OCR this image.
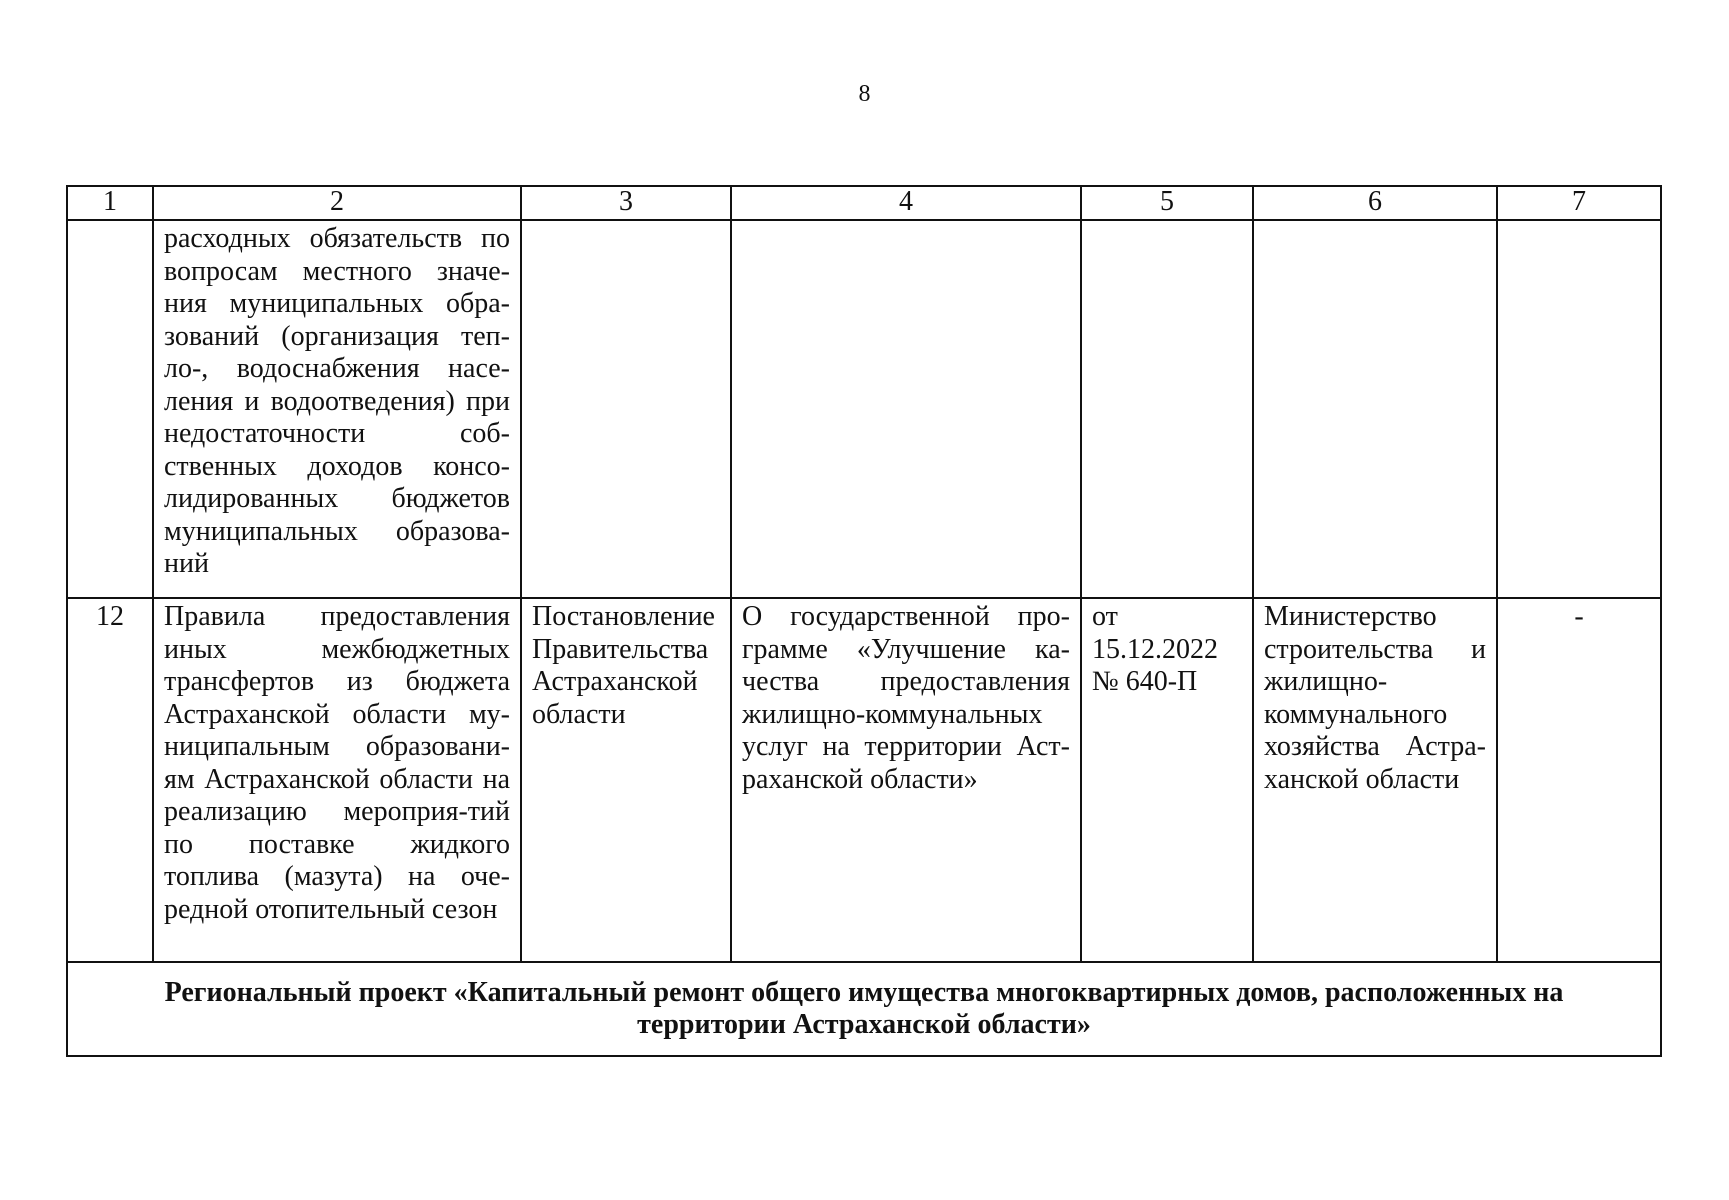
8
1	2	3	4	5	6	7
	расходных обязательств по вопросам местного значе-ния муниципальных обра-зований (организация теп-ло-, водоснабжения насе-ления и водоотведения) при недостаточности соб-ственных доходов консо-лидированных бюджетов муниципальных образова-ний					
12	Правила предоставления иных межбюджетных трансфертов из бюджета Астраханской области му-ниципальным образовани-ям Астраханской области на реализацию мероприя-тий по поставке жидкого топлива (мазута) на оче-редной отопительный сезон	Постановление Правительства Астраханской области	О государственной про-грамме «Улучшение ка-чества предоставления жилищно-коммунальных услуг на территории Аст-раханской области»	от 15.12.2022 № 640-П	Министерство строительства и жилищно-коммунального хозяйства Астра-ханской области	-
Региональный проект «Капитальный ремонт общего имущества многоквартирных домов, расположенных на территории Астраханской области»						
